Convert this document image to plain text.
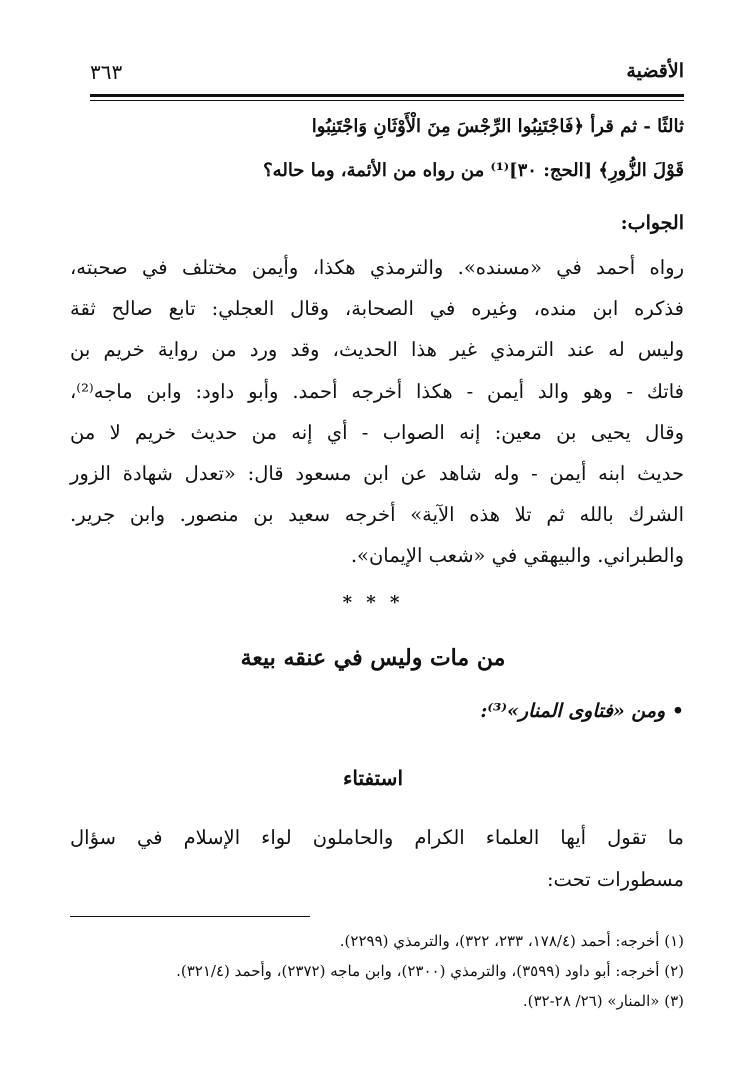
الأقضية
٣٦٣
ثالثًا - ثم قرأ ﴿فَاجْتَنِبُوا الرِّجْسَ مِنَ الْأَوْثَانِ وَاجْتَنِبُوا
قَوْلَ الزُّورِ﴾ [الحج: ٣٠]⁽¹⁾ من رواه من الأئمة، وما حاله؟
الجواب:
رواه أحمد في «مسنده». والترمذي هكذا، وأيمن مختلف في صحبته،
فذكره ابن منده، وغيره في الصحابة، وقال العجلي: تابع صالح ثقة
وليس له عند الترمذي غير هذا الحديث، وقد ورد من رواية خريم بن
فاتك - وهو والد أيمن - هكذا أخرجه أحمد. وأبو داود: وابن ماجه⁽²⁾،
وقال يحيى بن معين: إنه الصواب - أي إنه من حديث خريم لا من
حديث ابنه أيمن - وله شاهد عن ابن مسعود قال: «تعدل شهادة الزور
الشرك بالله ثم تلا هذه الآية» أخرجه سعيد بن منصور. وابن جرير.
والطبراني. والبيهقي في «شعب الإيمان».
* * *
من مات وليس في عنقه بيعة
• ومن «فتاوى المنار»⁽³⁾:
استفتاء
ما تقول أيها العلماء الكرام والحاملون لواء الإسلام في سؤال
مسطورات تحت:
(١) أخرجه: أحمد (١٧٨/٤، ٢٣٣، ٣٢٢)، والترمذي (٢٢٩٩).
(٢) أخرجه: أبو داود (٣٥٩٩)، والترمذي (٢٣٠٠)، وابن ماجه (٢٣٧٢)، وأحمد (٣٢١/٤).
(٣) «المنار» (٢٦/ ٢٨-٣٢).
